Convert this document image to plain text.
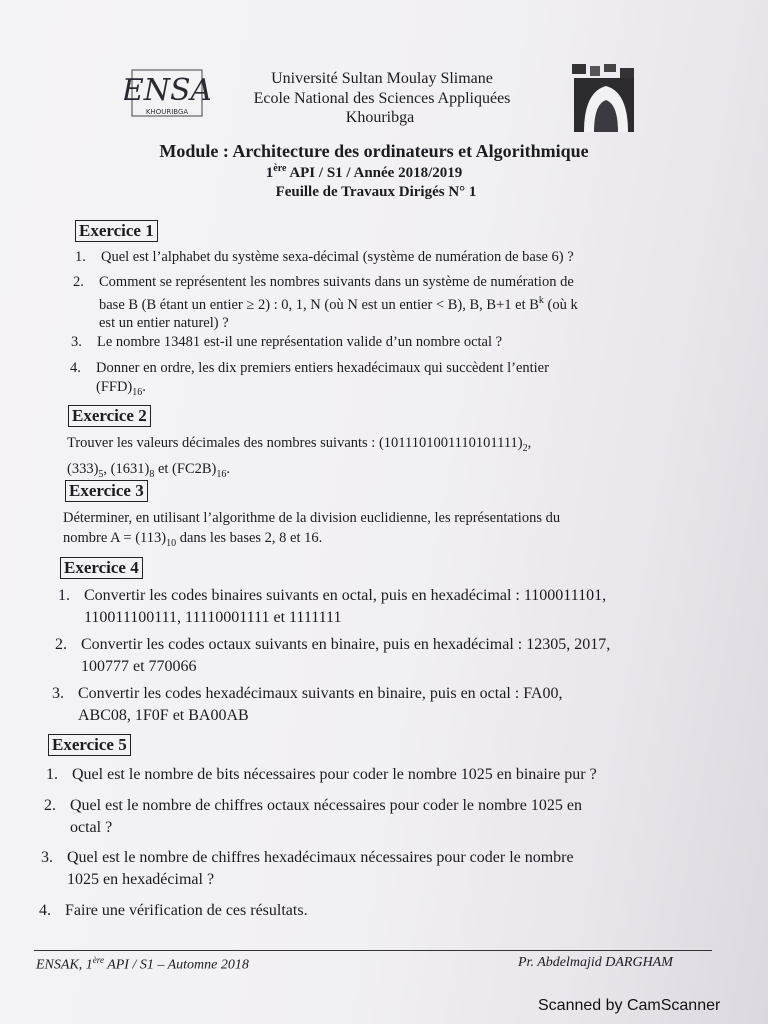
ENSA
KHOURIBGA
Université Sultan Moulay Slimane
Ecole National des Sciences Appliquées
Khouribga
Module : Architecture des ordinateurs et Algorithmique
1ère API / S1 / Année 2018/2019
Feuille de Travaux Dirigés N° 1
Exercice 1
1. Quel est l’alphabet du système sexa-décimal (système de numération de base 6) ?
2. Comment se représentent les nombres suivants dans un système de numération de
base B (B étant un entier ≥ 2) : 0, 1, N (où N est un entier < B), B, B+1 et $B^k$ (où k
est un entier naturel) ?
3. Le nombre 13481 est-il une représentation valide d’un nombre octal ?
4. Donner en ordre, les dix premiers entiers hexadécimaux qui succèdent l’entier
$(FFD)_{16}$.
Exercice 2
Trouver les valeurs décimales des nombres suivants : $(1011101001110101111)_2$,
$(333)_5$, $(1631)_8$ et $(FC2B)_{16}$.
Exercice 3
Déterminer, en utilisant l’algorithme de la division euclidienne, les représentations du
nombre $A = (113)_{10}$ dans les bases 2, 8 et 16.
Exercice 4
1. Convertir les codes binaires suivants en octal, puis en hexadécimal : 1100011101,
110011100111, 11110001111 et 1111111
2. Convertir les codes octaux suivants en binaire, puis en hexadécimal : 12305, 2017,
100777 et 770066
3. Convertir les codes hexadécimaux suivants en binaire, puis en octal : FA00,
ABC08, 1F0F et BA00AB
Exercice 5
1. Quel est le nombre de bits nécessaires pour coder le nombre 1025 en binaire pur ?
2. Quel est le nombre de chiffres octaux nécessaires pour coder le nombre 1025 en
octal ?
3. Quel est le nombre de chiffres hexadécimaux nécessaires pour coder le nombre
1025 en hexadécimal ?
4. Faire une vérification de ces résultats.
ENSAK, 1ère API / S1 – Automne 2018	Pr. Abdelmajid DARGHAM
Scanned by CamScanner
